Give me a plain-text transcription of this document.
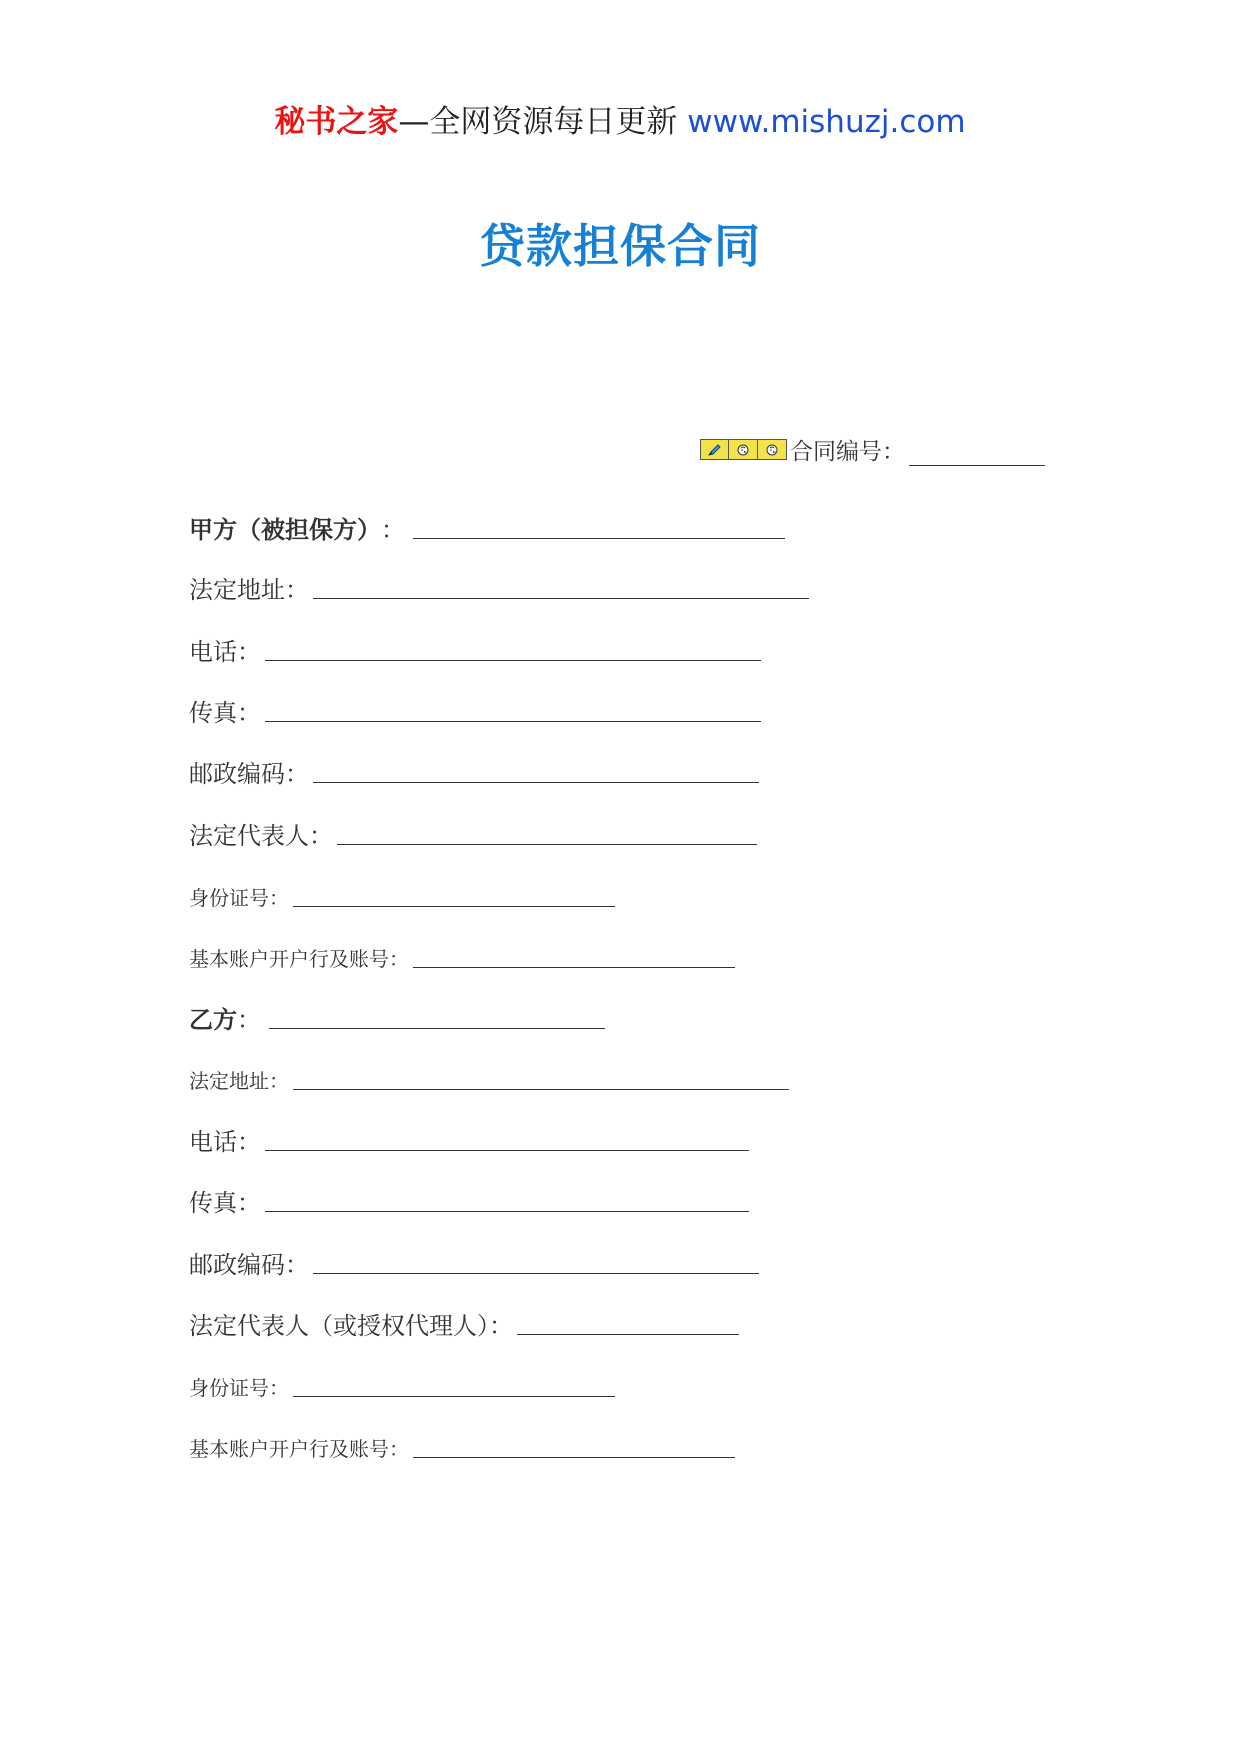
秘书之家—全网资源每日更新 www.mishuzj.com
贷款担保合同
合同编号：
甲方（被担保方） ：
法定地址：
电话：
传真：
邮政编码：
法定代表人：
身份证号：
基本账户开户行及账号：
乙方 ：
法定地址：
电话：
传真：
邮政编码：
法定代表人（或授权代理人）：
身份证号：
基本账户开户行及账号：
